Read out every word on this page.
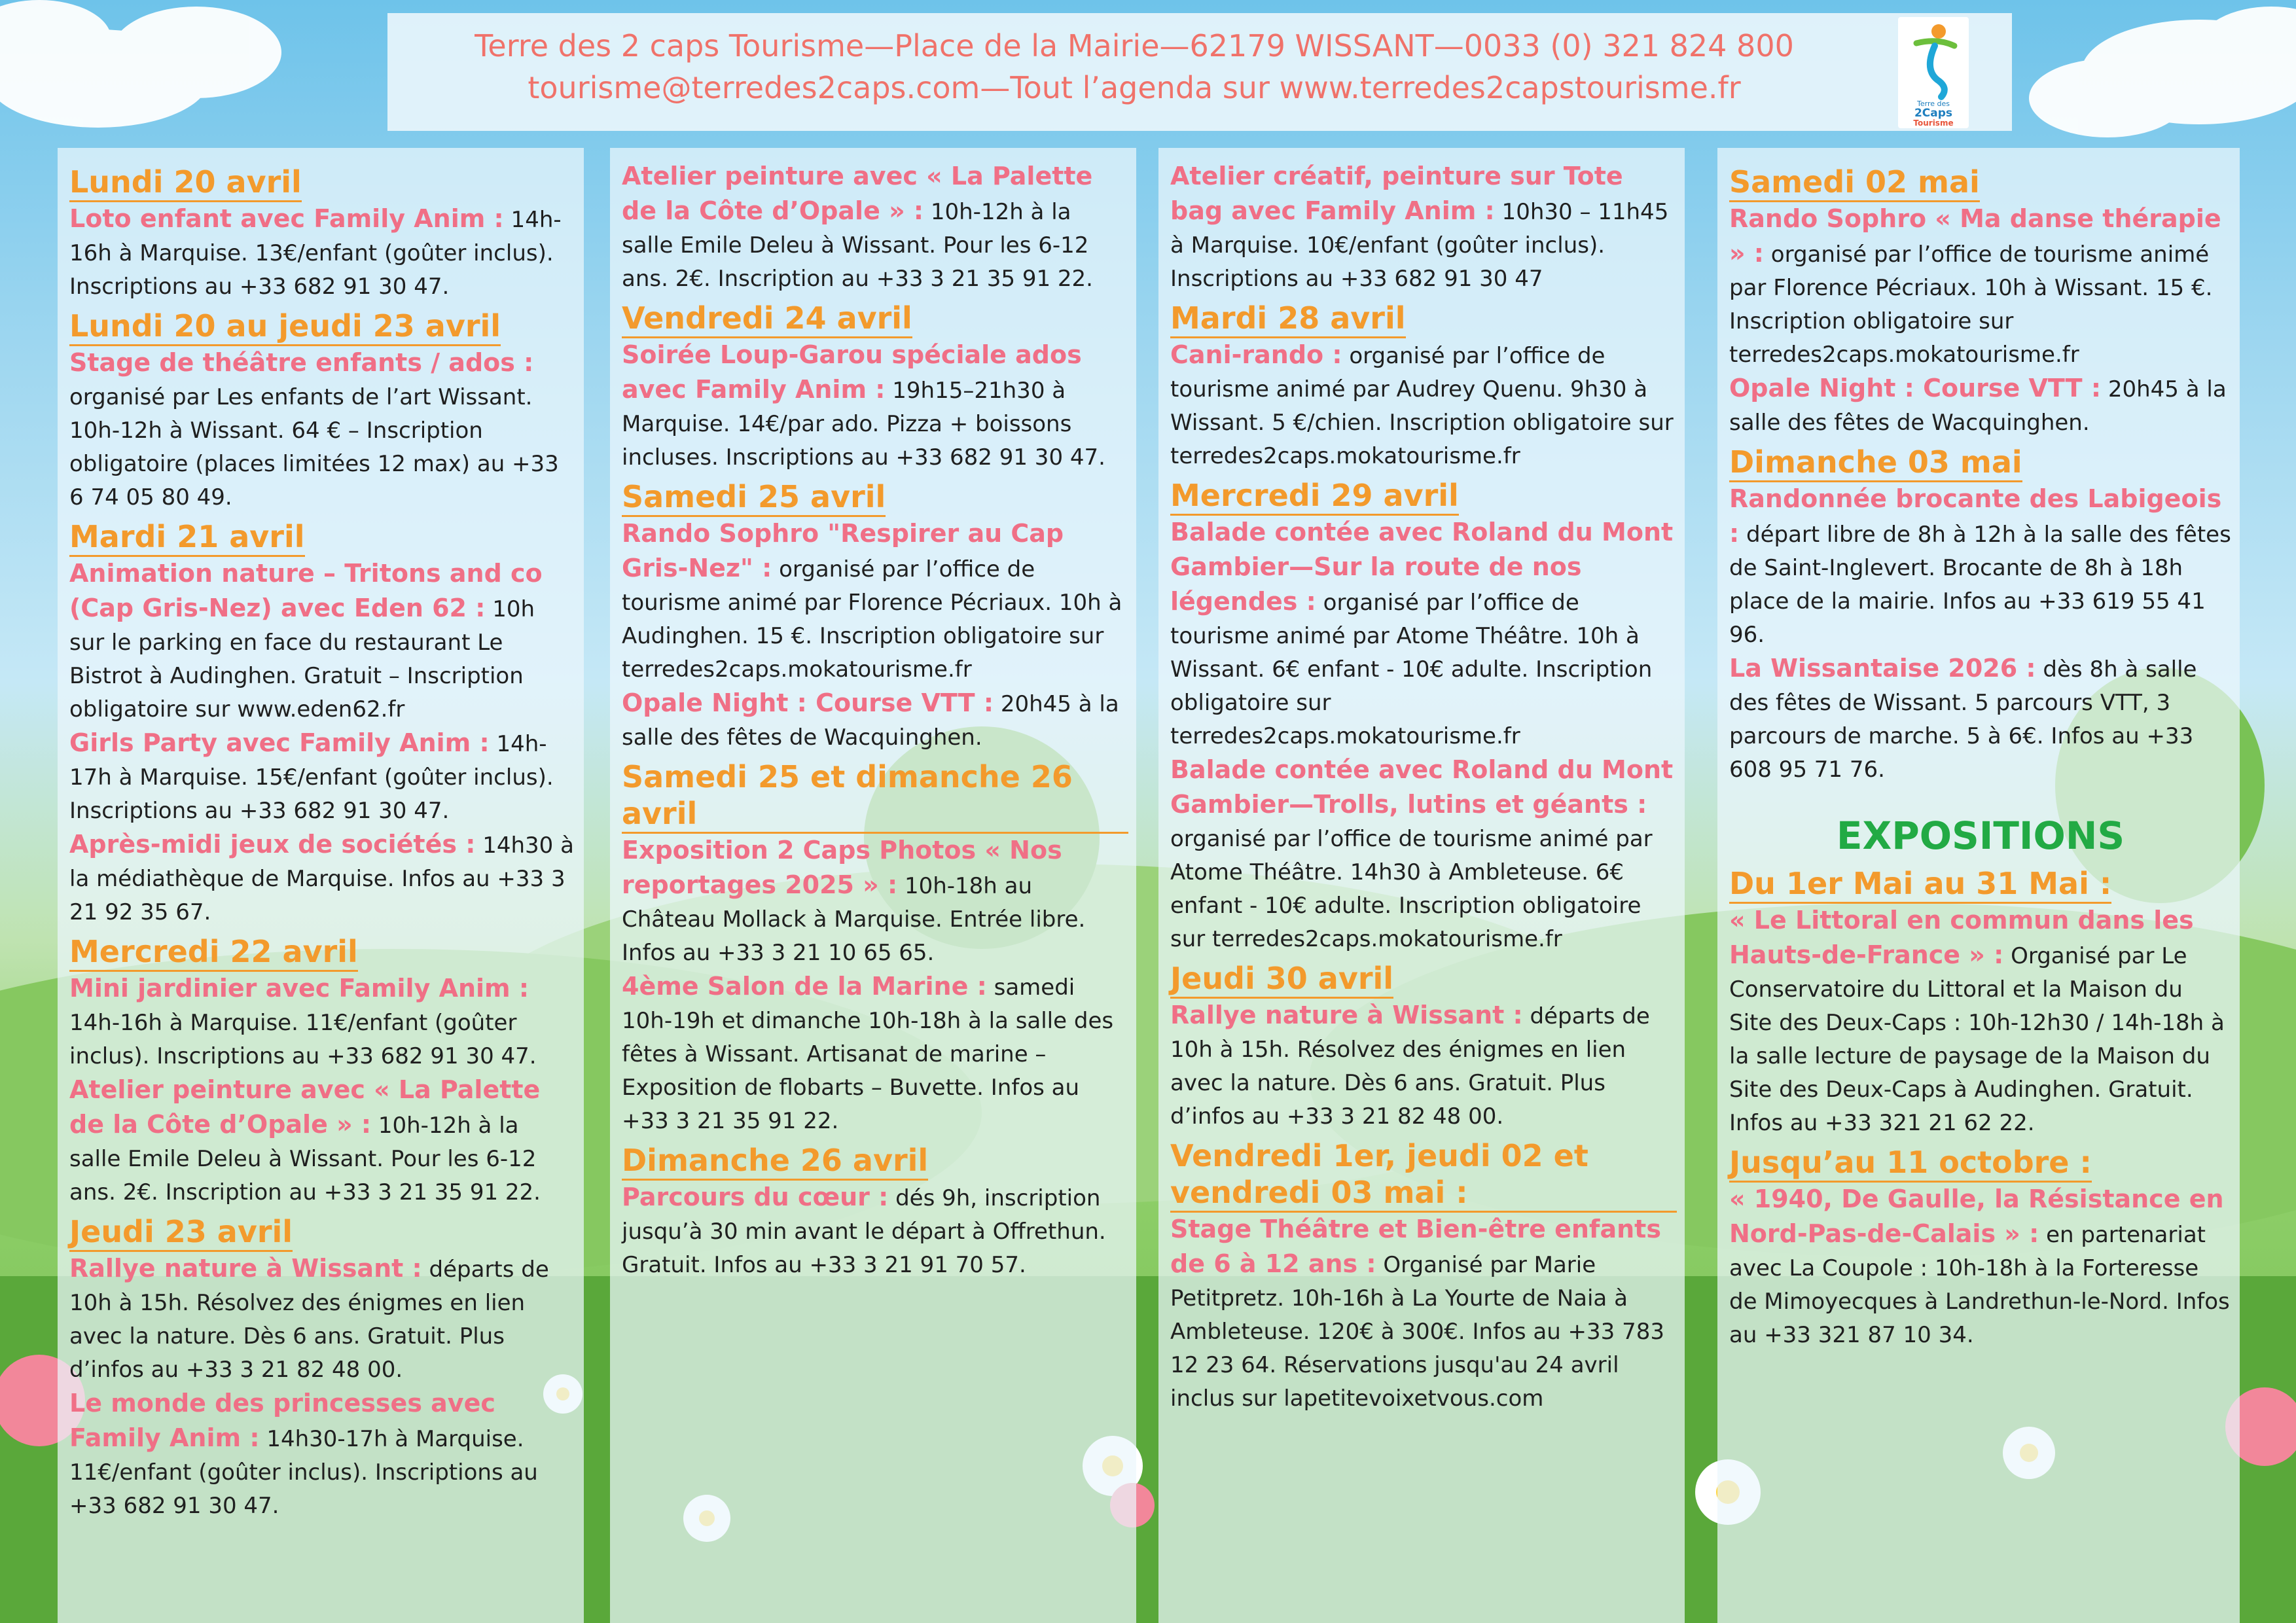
Terre des 2 caps Tourisme—Place de la Mairie—62179 WISSANT—0033 (0) 321 824 800
tourisme@terredes2caps.com—Tout l’agenda sur www.terredes2capstourisme.fr	Terre des
2Caps
Tourisme
Lundi 20 avril
Loto enfant avec Family Anim : 14h-16h à Marquise. 13€/enfant (goûter inclus). Inscriptions au +33 682 91 30 47.
Lundi 20 au jeudi 23 avril
Stage de théâtre enfants / ados : organisé par Les enfants de l’art Wissant. 10h-12h à Wissant. 64 € – Inscription obligatoire (places limitées 12 max) au +33 6 74 05 80 49.
Mardi 21 avril
Animation nature – Tritons and co (Cap Gris-Nez) avec Eden 62 : 10h sur le parking en face du restaurant Le Bistrot à Audinghen. Gratuit – Inscription obligatoire sur www.eden62.fr
Girls Party avec Family Anim : 14h-17h à Marquise. 15€/enfant (goûter inclus). Inscriptions au +33 682 91 30 47.
Après-midi jeux de sociétés : 14h30 à la médiathèque de Marquise. Infos au +33 3 21 92 35 67.
Mercredi 22 avril
Mini jardinier avec Family Anim : 14h-16h à Marquise. 11€/enfant (goûter inclus). Inscriptions au +33 682 91 30 47.
Atelier peinture avec « La Palette de la Côte d’Opale » : 10h-12h à la salle Emile Deleu à Wissant. Pour les 6-12 ans. 2€. Inscription au +33 3 21 35 91 22.
Jeudi 23 avril
Rallye nature à Wissant : départs de 10h à 15h. Résolvez des énigmes en lien avec la nature. Dès 6 ans. Gratuit. Plus d’infos au +33 3 21 82 48 00.
Le monde des princesses avec Family Anim : 14h30-17h à Marquise. 11€/enfant (goûter inclus). Inscriptions au +33 682 91 30 47.
Atelier peinture avec « La Palette de la Côte d’Opale » : 10h-12h à la salle Emile Deleu à Wissant. Pour les 6-12 ans. 2€. Inscription au +33 3 21 35 91 22.
Vendredi 24 avril
Soirée Loup-Garou spéciale ados avec Family Anim : 19h15–21h30 à Marquise. 14€/par ado. Pizza + boissons incluses. Inscriptions au +33 682 91 30 47.
Samedi 25 avril
Rando Sophro "Respirer au Cap Gris-Nez" : organisé par l’office de tourisme animé par Florence Pécriaux. 10h à Audinghen. 15 €. Inscription obligatoire sur terredes2caps.mokatourisme.fr
Opale Night : Course VTT : 20h45 à la salle des fêtes de Wacquinghen.
Samedi 25 et dimanche 26 avril
Exposition 2 Caps Photos « Nos reportages 2025 » : 10h-18h au Château Mollack à Marquise. Entrée libre. Infos au +33 3 21 10 65 65.
4ème Salon de la Marine : samedi 10h-19h et dimanche 10h-18h à la salle des fêtes à Wissant. Artisanat de marine – Exposition de flobarts – Buvette. Infos au +33 3 21 35 91 22.
Dimanche 26 avril
Parcours du cœur : dés 9h, inscription jusqu’à 30 min avant le départ à Offrethun. Gratuit. Infos au +33 3 21 91 70 57.
Atelier créatif, peinture sur Tote bag avec Family Anim : 10h30 – 11h45 à Marquise. 10€/enfant (goûter inclus). Inscriptions au +33 682 91 30 47
Mardi 28 avril
Cani-rando : organisé par l’office de tourisme animé par Audrey Quenu. 9h30 à Wissant. 5 €/chien. Inscription obligatoire sur terredes2caps.mokatourisme.fr
Mercredi 29 avril
Balade contée avec Roland du Mont Gambier—Sur la route de nos légendes : organisé par l’office de tourisme animé par Atome Théâtre. 10h à Wissant. 6€ enfant - 10€ adulte. Inscription obligatoire sur terredes2caps.mokatourisme.fr
Balade contée avec Roland du Mont Gambier—Trolls, lutins et géants : organisé par l’office de tourisme animé par Atome Théâtre. 14h30 à Ambleteuse. 6€ enfant - 10€ adulte. Inscription obligatoire sur terredes2caps.mokatourisme.fr
Jeudi 30 avril
Rallye nature à Wissant : départs de 10h à 15h. Résolvez des énigmes en lien avec la nature. Dès 6 ans. Gratuit. Plus d’infos au +33 3 21 82 48 00.
Vendredi 1er, jeudi 02 et vendredi 03 mai :
Stage Théâtre et Bien-être enfants de 6 à 12 ans : Organisé par Marie Petitpretz. 10h-16h à La Yourte de Naia à Ambleteuse. 120€ à 300€. Infos au +33 783 12 23 64. Réservations jusqu'au 24 avril inclus sur lapetitevoixetvous.com
Samedi 02 mai
Rando Sophro « Ma danse thérapie » : organisé par l’office de tourisme animé par Florence Pécriaux. 10h à Wissant. 15 €. Inscription obligatoire sur terredes2caps.mokatourisme.fr
Opale Night : Course VTT : 20h45 à la salle des fêtes de Wacquinghen.
Dimanche 03 mai
Randonnée brocante des Labigeois : départ libre de 8h à 12h à la salle des fêtes de Saint-Inglevert. Brocante de 8h à 18h place de la mairie. Infos au +33 619 55 41 96.
La Wissantaise 2026 : dès 8h à salle des fêtes de Wissant. 5 parcours VTT, 3 parcours de marche. 5 à 6€. Infos au +33 608 95 71 76.
EXPOSITIONS
Du 1er Mai au 31 Mai :
« Le Littoral en commun dans les Hauts-de-France » : Organisé par Le Conservatoire du Littoral et la Maison du Site des Deux-Caps : 10h-12h30 / 14h-18h à la salle lecture de paysage de la Maison du Site des Deux-Caps à Audinghen. Gratuit. Infos au +33 321 21 62 22.
Jusqu’au 11 octobre :
« 1940, De Gaulle, la Résistance en Nord-Pas-de-Calais » : en partenariat avec La Coupole : 10h-18h à la Forteresse de Mimoyecques à Landrethun-le-Nord. Infos au +33 321 87 10 34.
